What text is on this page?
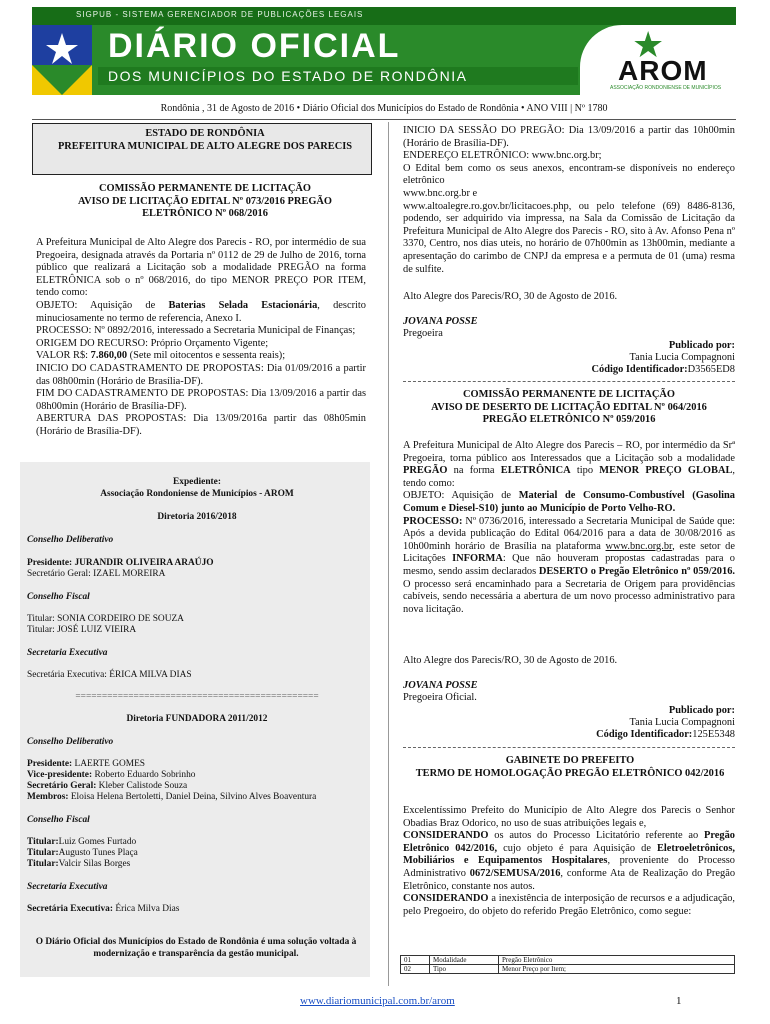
SIGPUB - SISTEMA GERENCIADOR DE PUBLICAÇÕES LEGAIS
DIÁRIO OFICIAL
DOS MUNICÍPIOS DO ESTADO DE RONDÔNIA
★
AROM
ASSOCIAÇÃO RONDONIENSE DE MUNICÍPIOS
Rondônia , 31 de Agosto de 2016 • Diário Oficial dos Municípios do Estado de Rondônia • ANO VIII | Nº 1780

ESTADO DE RONDÔNIA

PREFEITURA MUNICIPAL DE ALTO ALEGRE DOS PARECIS

COMISSÃO PERMANENTE DE LICITAÇÃO

AVISO DE LICITAÇÃO EDITAL Nº 073/2016 PREGÃO ELETRÔNICO Nº 068/2016

A Prefeitura Municipal de Alto Alegre dos Parecis - RO, por intermédio de sua Pregoeira, designada através da Portaria nº 0112 de 29 de Julho de 2016, torna público que realizará a Licitação sob a modalidade PREGÃO na forma ELETRÔNICA sob o nº 068/2016, do tipo MENOR PREÇO POR ITEM, tendo como:

OBJETO: Aquisição de Baterias Selada Estacionária, descrito minuciosamente no termo de referencia, Anexo I.

PROCESSO: Nº 0892/2016, interessado a Secretaria Municipal de Finanças;

ORIGEM DO RECURSO: Próprio Orçamento Vigente;

VALOR R$: 7.860,00 (Sete mil oitocentos e sessenta reais);

INICIO DO CADASTRAMENTO DE PROPOSTAS: Dia 01/09/2016 a partir das 08h00min (Horário de Brasília-DF).

FIM DO CADASTRAMENTO DE PROPOSTAS: Dia 13/09/2016 a partir das 08h00min (Horário de Brasília-DF).

ABERTURA DAS PROPOSTAS: Dia 13/09/2016a partir das 08h05min (Horário de Brasília-DF).

Expediente:

Associação Rondoniense de Municípios - AROM

Diretoria 2016/2018
Conselho Deliberativo
Presidente: JURANDIR OLIVEIRA ARAÚJO
Secretário Geral: IZAEL MOREIRA
Conselho Fiscal
Titular: SONIA CORDEIRO DE SOUZA
Titular: JOSÉ LUIZ VIEIRA
Secretaria Executiva
Secretária Executiva: ÉRICA MILVA DIAS
==============================================
Diretoria FUNDADORA 2011/2012
Conselho Deliberativo
Presidente: LAERTE GOMES
Vice-presidente: Roberto Eduardo Sobrinho
Secretário Geral: Kleber Calistode Souza
Membros: Eloisa Helena Bertoletti, Daniel Deina, Silvino Alves Boaventura
Conselho Fiscal
Titular:Luiz Gomes Furtado
Titular:Augusto Tunes Plaça
Titular:Valcir Silas Borges
Secretaria Executiva
Secretária Executiva: Érica Milva Dias
O Diário Oficial dos Municípios do Estado de Rondônia é uma solução voltada à modernização e transparência da gestão municipal.

INICIO DA SESSÃO DO PREGÃO: Dia 13/09/2016 a partir das 10h00min (Horário de Brasília-DF).

ENDEREÇO ELETRÔNICO: www.bnc.org.br;

O Edital bem como os seus anexos, encontram-se disponíveis no endereço eletrônico

www.bnc.org.br e

www.altoalegre.ro.gov.br/licitacoes.php, ou pelo telefone (69) 8486-8136, podendo, ser adquirido via impressa, na Sala da Comissão de Licitação da Prefeitura Municipal de Alto Alegre dos Parecis - RO, sito à Av. Afonso Pena nº 3370, Centro, nos dias uteis, no horário de 07h00min as 13h00min, mediante a apresentação do carimbo de CNPJ da empresa e a permuta de 01 (uma) resma de sulfite.

Alto Alegre dos Parecis/RO, 30 de Agosto de 2016.
JOVANA POSSE
Pregoeira
Publicado por:
Tania Lucia Compagnoni
Código Identificador:D3565ED8

COMISSÃO PERMANENTE DE LICITAÇÃO

AVISO DE DESERTO DE LICITAÇÃO EDITAL Nº 064/2016

PREGÃO ELETRÔNICO Nº 059/2016

A Prefeitura Municipal de Alto Alegre dos Parecis – RO, por intermédio da Srª Pregoeira, torna público aos Interessados que a Licitação sob a modalidade PREGÃO na forma ELETRÔNICA tipo MENOR PREÇO GLOBAL, tendo como:

OBJETO: Aquisição de Material de Consumo-Combustível (Gasolina Comum e Diesel-S10) junto ao Município de Porto Velho-RO.

PROCESSO: Nº 0736/2016, interessado a Secretaria Municipal de Saúde que: Após a devida publicação do Edital 064/2016 para a data de 30/08/2016 as 10h00minh horário de Brasília na plataforma www.bnc.org.br, este setor de Licitações INFORMA: Que não houveram propostas cadastradas para o mesmo, sendo assim declarados DESERTO o Pregão Eletrônico nº 059/2016. O processo será encaminhado para a Secretaria de Origem para providências cabíveis, sendo necessária a abertura de um novo processo administrativo para nova licitação.

Alto Alegre dos Parecis/RO, 30 de Agosto de 2016.
JOVANA POSSE
Pregoeira Oficial.
Publicado por:
Tania Lucia Compagnoni
Código Identificador:125E5348

GABINETE DO PREFEITO

TERMO DE HOMOLOGAÇÃO PREGÃO ELETRÔNICO 042/2016

Excelentíssimo Prefeito do Município de Alto Alegre dos Parecis o Senhor Obadias Braz Odorico, no uso de suas atribuições legais e,

CONSIDERANDO os autos do Processo Licitatório referente ao Pregão Eletrônico 042/2016, cujo objeto é para Aquisição de Eletroeletrônicos, Mobiliários e Equipamentos Hospitalares, proveniente do Processo Administrativo 0672/SEMUSA/2016, conforme Ata de Realização do Pregão Eletrônico, constante nos autos.

CONSIDERANDO a inexistência de interposição de recursos e a adjudicação, pelo Pregoeiro, do objeto do referido Pregão Eletrônico, como segue:

01	Modalidade	Pregão Eletrônico
02	Tipo	Menor Preço por Item;
www.diariomunicipal.com.br/arom	1
